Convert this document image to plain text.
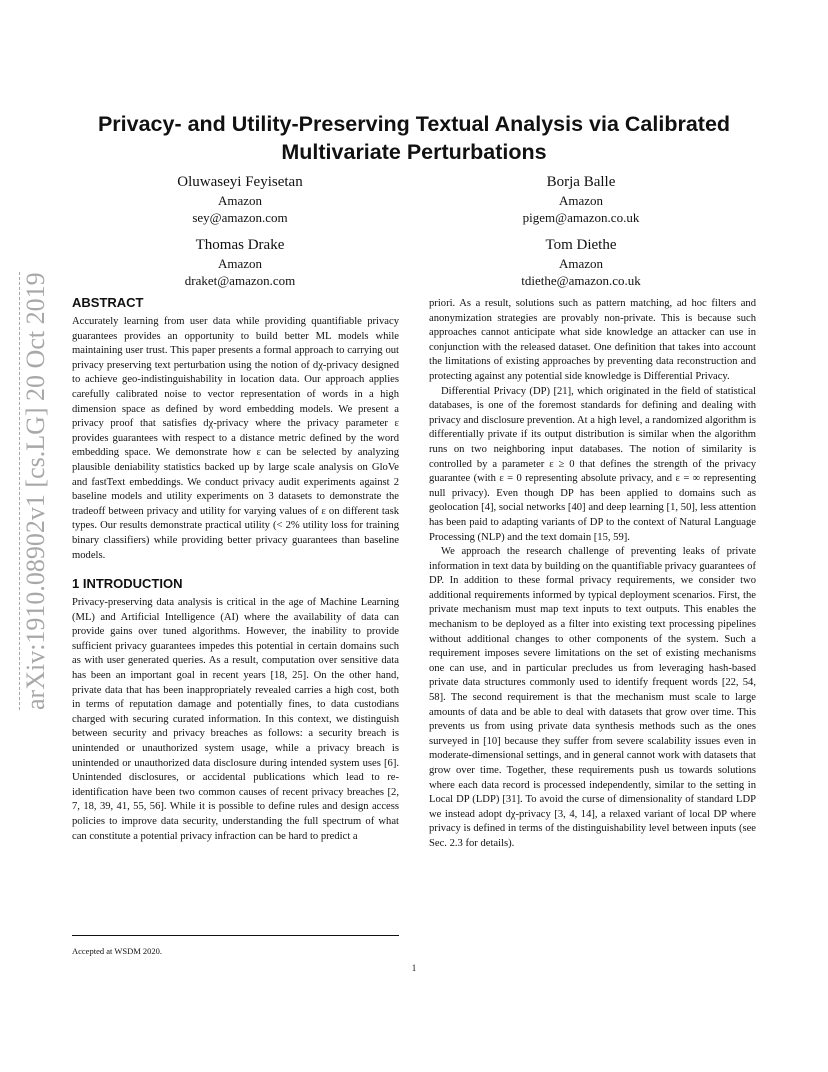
arXiv:1910.08902v1 [cs.LG] 20 Oct 2019
Privacy- and Utility-Preserving Textual Analysis via Calibrated
Multivariate Perturbations
Oluwaseyi Feyisetan
Amazon
sey@amazon.com
Borja Balle
Amazon
pigem@amazon.co.uk
Thomas Drake
Amazon
draket@amazon.com
Tom Diethe
Amazon
tdiethe@amazon.co.uk
ABSTRACT

Accurately learning from user data while providing quantifiable privacy guarantees provides an opportunity to build better ML models while maintaining user trust. This paper presents a formal approach to carrying out privacy preserving text perturbation using the notion of dχ-privacy designed to achieve geo-indistinguishability in location data. Our approach applies carefully calibrated noise to vector representation of words in a high dimension space as defined by word embedding models. We present a privacy proof that satisfies dχ-privacy where the privacy parameter ε provides guarantees with respect to a distance metric defined by the word embedding space. We demonstrate how ε can be selected by analyzing plausible deniability statistics backed up by large scale analysis on GloVe and fastText embeddings. We conduct privacy audit experiments against 2 baseline models and utility experiments on 3 datasets to demonstrate the tradeoff between privacy and utility for varying values of ε on different task types. Our results demonstrate practical utility (< 2% utility loss for training binary classifiers) while providing better privacy guarantees than baseline models.

1 INTRODUCTION

Privacy-preserving data analysis is critical in the age of Machine Learning (ML) and Artificial Intelligence (AI) where the availability of data can provide gains over tuned algorithms. However, the inability to provide sufficient privacy guarantees impedes this potential in certain domains such as with user generated queries. As a result, computation over sensitive data has been an important goal in recent years [18, 25]. On the other hand, private data that has been inappropriately revealed carries a high cost, both in terms of reputation damage and potentially fines, to data custodians charged with securing curated information. In this context, we distinguish between security and privacy breaches as follows: a security breach is unintended or unauthorized system usage, while a privacy breach is unintended or unauthorized data disclosure during intended system uses [6]. Unintended disclosures, or accidental publications which lead to re-identification have been two common causes of recent privacy breaches [2, 7, 18, 39, 41, 55, 56]. While it is possible to define rules and design access policies to improve data security, understanding the full spectrum of what can constitute a potential privacy infraction can be hard to predict a

priori. As a result, solutions such as pattern matching, ad hoc filters and anonymization strategies are provably non-private. This is because such approaches cannot anticipate what side knowledge an attacker can use in conjunction with the released dataset. One definition that takes into account the limitations of existing approaches by preventing data reconstruction and protecting against any potential side knowledge is Differential Privacy.

Differential Privacy (DP) [21], which originated in the field of statistical databases, is one of the foremost standards for defining and dealing with privacy and disclosure prevention. At a high level, a randomized algorithm is differentially private if its output distribution is similar when the algorithm runs on two neighboring input databases. The notion of similarity is controlled by a parameter ε ≥ 0 that defines the strength of the privacy guarantee (with ε = 0 representing absolute privacy, and ε = ∞ representing null privacy). Even though DP has been applied to domains such as geolocation [4], social networks [40] and deep learning [1, 50], less attention has been paid to adapting variants of DP to the context of Natural Language Processing (NLP) and the text domain [15, 59].

We approach the research challenge of preventing leaks of private information in text data by building on the quantifiable privacy guarantees of DP. In addition to these formal privacy requirements, we consider two additional requirements informed by typical deployment scenarios. First, the private mechanism must map text inputs to text outputs. This enables the mechanism to be deployed as a filter into existing text processing pipelines without additional changes to other components of the system. Such a requirement imposes severe limitations on the set of existing mechanisms one can use, and in particular precludes us from leveraging hash-based private data structures commonly used to identify frequent words [22, 54, 58]. The second requirement is that the mechanism must scale to large amounts of data and be able to deal with datasets that grow over time. This prevents us from using private data synthesis methods such as the ones surveyed in [10] because they suffer from severe scalability issues even in moderate-dimensional settings, and in general cannot work with datasets that grow over time. Together, these requirements push us towards solutions where each data record is processed independently, similar to the setting in Local DP (LDP) [31]. To avoid the curse of dimensionality of standard LDP we instead adopt dχ-privacy [3, 4, 14], a relaxed variant of local DP where privacy is defined in terms of the distinguishability level between inputs (see Sec. 2.3 for details).

Accepted at WSDM 2020.
1
